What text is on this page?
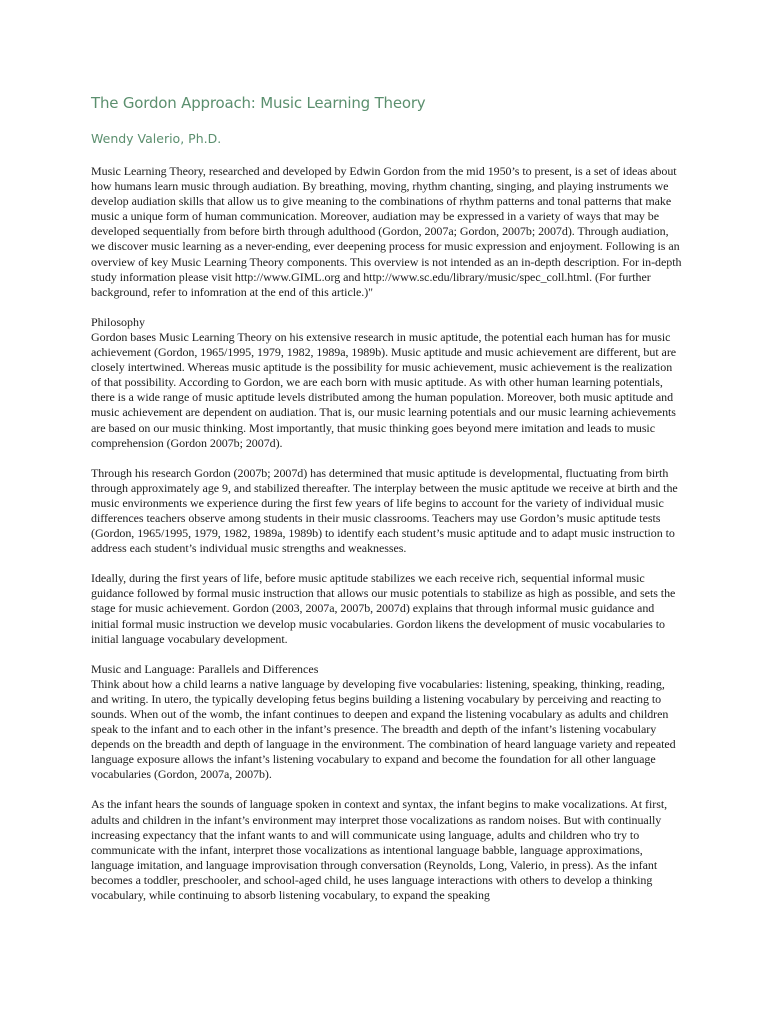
The Gordon Approach: Music Learning Theory
Wendy Valerio, Ph.D.

Music Learning Theory, researched and developed by Edwin Gordon from the mid 1950’s to present, is a set of ideas about how humans learn music through audiation. By breathing, moving, rhythm chanting, singing, and playing instruments we develop audiation skills that allow us to give meaning to the combinations of rhythm patterns and tonal patterns that make music a unique form of human communication. Moreover, audiation may be expressed in a variety of ways that may be developed sequentially from before birth through adulthood (Gordon, 2007a; Gordon, 2007b; 2007d). Through audiation, we discover music learning as a never-ending, ever deepening process for music expression and enjoyment. Following is an overview of key Music Learning Theory components. This overview is not intended as an in-depth description. For in-depth study information please visit http://www.GIML.org and http://www.sc.edu/library/music/spec_coll.html. (For further background, refer to infomration at the end of this article.)"

Philosophy

Gordon bases Music Learning Theory on his extensive research in music aptitude, the potential each human has for music achievement (Gordon, 1965/1995, 1979, 1982, 1989a, 1989b). Music aptitude and music achievement are different, but are closely intertwined. Whereas music aptitude is the possibility for music achievement, music achievement is the realization of that possibility. According to Gordon, we are each born with music aptitude. As with other human learning potentials, there is a wide range of music aptitude levels distributed among the human population. Moreover, both music aptitude and music achievement are dependent on audiation. That is, our music learning potentials and our music learning achievements are based on our music thinking. Most importantly, that music thinking goes beyond mere imitation and leads to music comprehension (Gordon 2007b; 2007d).

Through his research Gordon (2007b; 2007d) has determined that music aptitude is developmental, fluctuating from birth through approximately age 9, and stabilized thereafter. The interplay between the music aptitude we receive at birth and the music environments we experience during the first few years of life begins to account for the variety of individual music differences teachers observe among students in their music classrooms. Teachers may use Gordon’s music aptitude tests (Gordon, 1965/1995, 1979, 1982, 1989a, 1989b) to identify each student’s music aptitude and to adapt music instruction to address each student’s individual music strengths and weaknesses.

Ideally, during the first years of life, before music aptitude stabilizes we each receive rich, sequential informal music guidance followed by formal music instruction that allows our music potentials to stabilize as high as possible, and sets the stage for music achievement. Gordon (2003, 2007a, 2007b, 2007d) explains that through informal music guidance and initial formal music instruction we develop music vocabularies. Gordon likens the development of music vocabularies to initial language vocabulary development.

Music and Language: Parallels and Differences

Think about how a child learns a native language by developing five vocabularies: listening, speaking, thinking, reading, and writing. In utero, the typically developing fetus begins building a listening vocabulary by perceiving and reacting to sounds. When out of the womb, the infant continues to deepen and expand the listening vocabulary as adults and children speak to the infant and to each other in the infant’s presence. The breadth and depth of the infant’s listening vocabulary depends on the breadth and depth of language in the environment. The combination of heard language variety and repeated language exposure allows the infant’s listening vocabulary to expand and become the foundation for all other language vocabularies (Gordon, 2007a, 2007b).

As the infant hears the sounds of language spoken in context and syntax, the infant begins to make vocalizations. At first, adults and children in the infant’s environment may interpret those vocalizations as random noises. But with continually increasing expectancy that the infant wants to and will communicate using language, adults and children who try to communicate with the infant, interpret those vocalizations as intentional language babble, language approximations, language imitation, and language improvisation through conversation (Reynolds, Long, Valerio, in press). As the infant becomes a toddler, preschooler, and school-aged child, he uses language interactions with others to develop a thinking vocabulary, while continuing to absorb listening vocabulary, to expand the speaking
